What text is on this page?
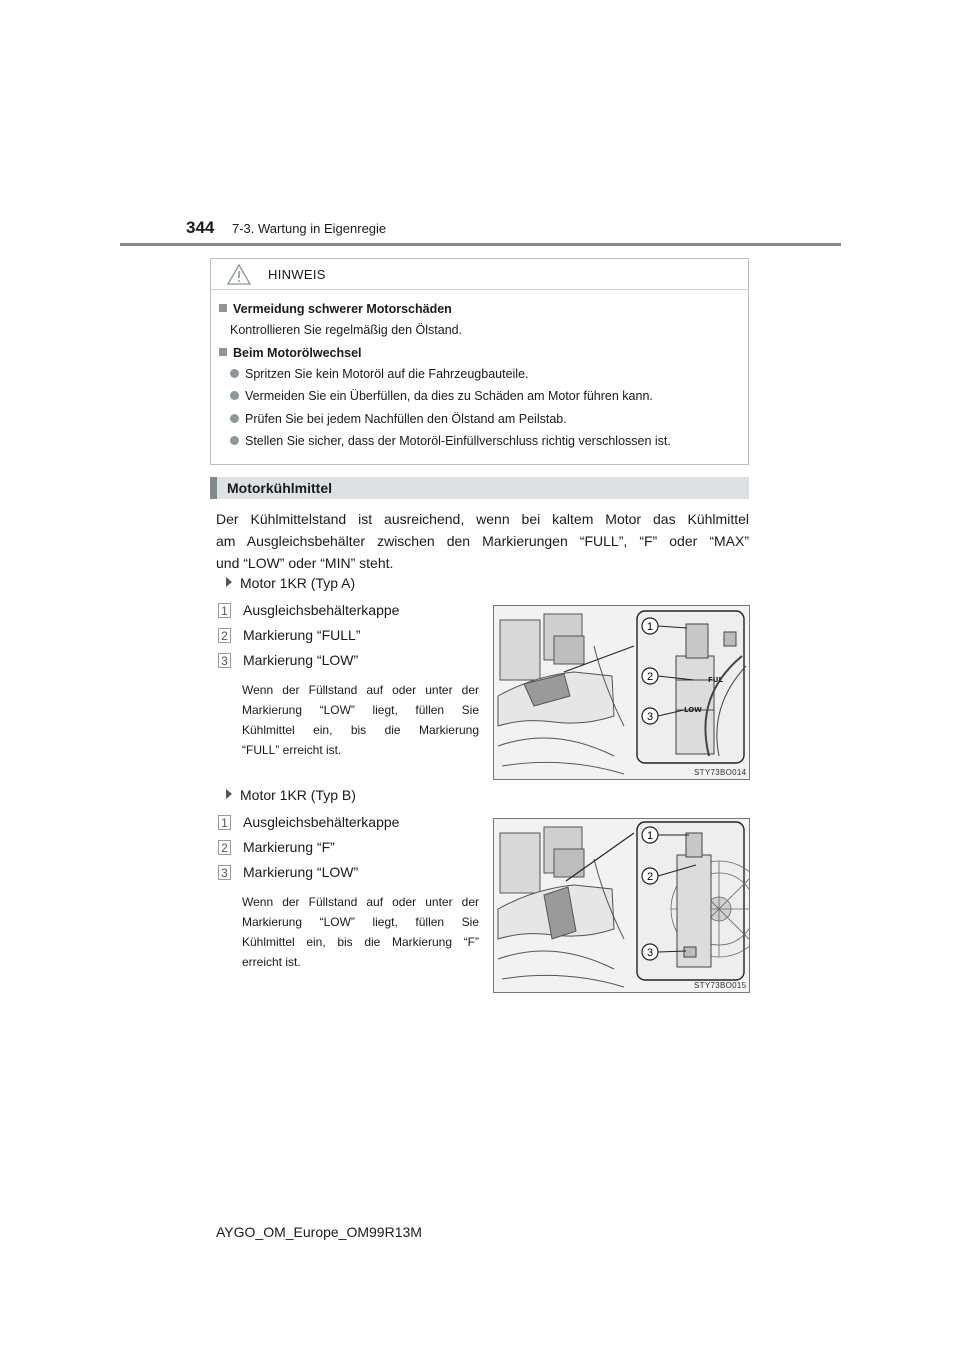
344 7-3. Wartung in Eigenregie
HINWEIS
Vermeidung schwerer Motorschäden
Kontrollieren Sie regelmäßig den Ölstand.
Beim Motorölwechsel
Spritzen Sie kein Motoröl auf die Fahrzeugbauteile.
Vermeiden Sie ein Überfüllen, da dies zu Schäden am Motor führen kann.
Prüfen Sie bei jedem Nachfüllen den Ölstand am Peilstab.
Stellen Sie sicher, dass der Motoröl-Einfüllverschluss richtig verschlossen ist.
Motorkühlmittel
Der Kühlmittelstand ist ausreichend, wenn bei kaltem Motor das Kühlmittel
am Ausgleichsbehälter zwischen den Markierungen “FULL”, “F” oder “MAX”
und “LOW” oder “MIN” steht.
Motor 1KR (Typ A)
1 Ausgleichsbehälterkappe
2 Markierung “FULL”
3 Markierung “LOW”
Wenn der Füllstand auf oder unter der
Markierung “LOW” liegt, füllen Sie
Kühlmittel ein, bis die Markierung
“FULL” erreicht ist.
FUL
LOW
1
2
3
STY73BO014
Motor 1KR (Typ B)
1 Ausgleichsbehälterkappe
2 Markierung “F”
3 Markierung “LOW”
Wenn der Füllstand auf oder unter der
Markierung “LOW” liegt, füllen Sie
Kühlmittel ein, bis die Markierung “F”
erreicht ist.
1
2
3
STY73BO015
AYGO_OM_Europe_OM99R13M
